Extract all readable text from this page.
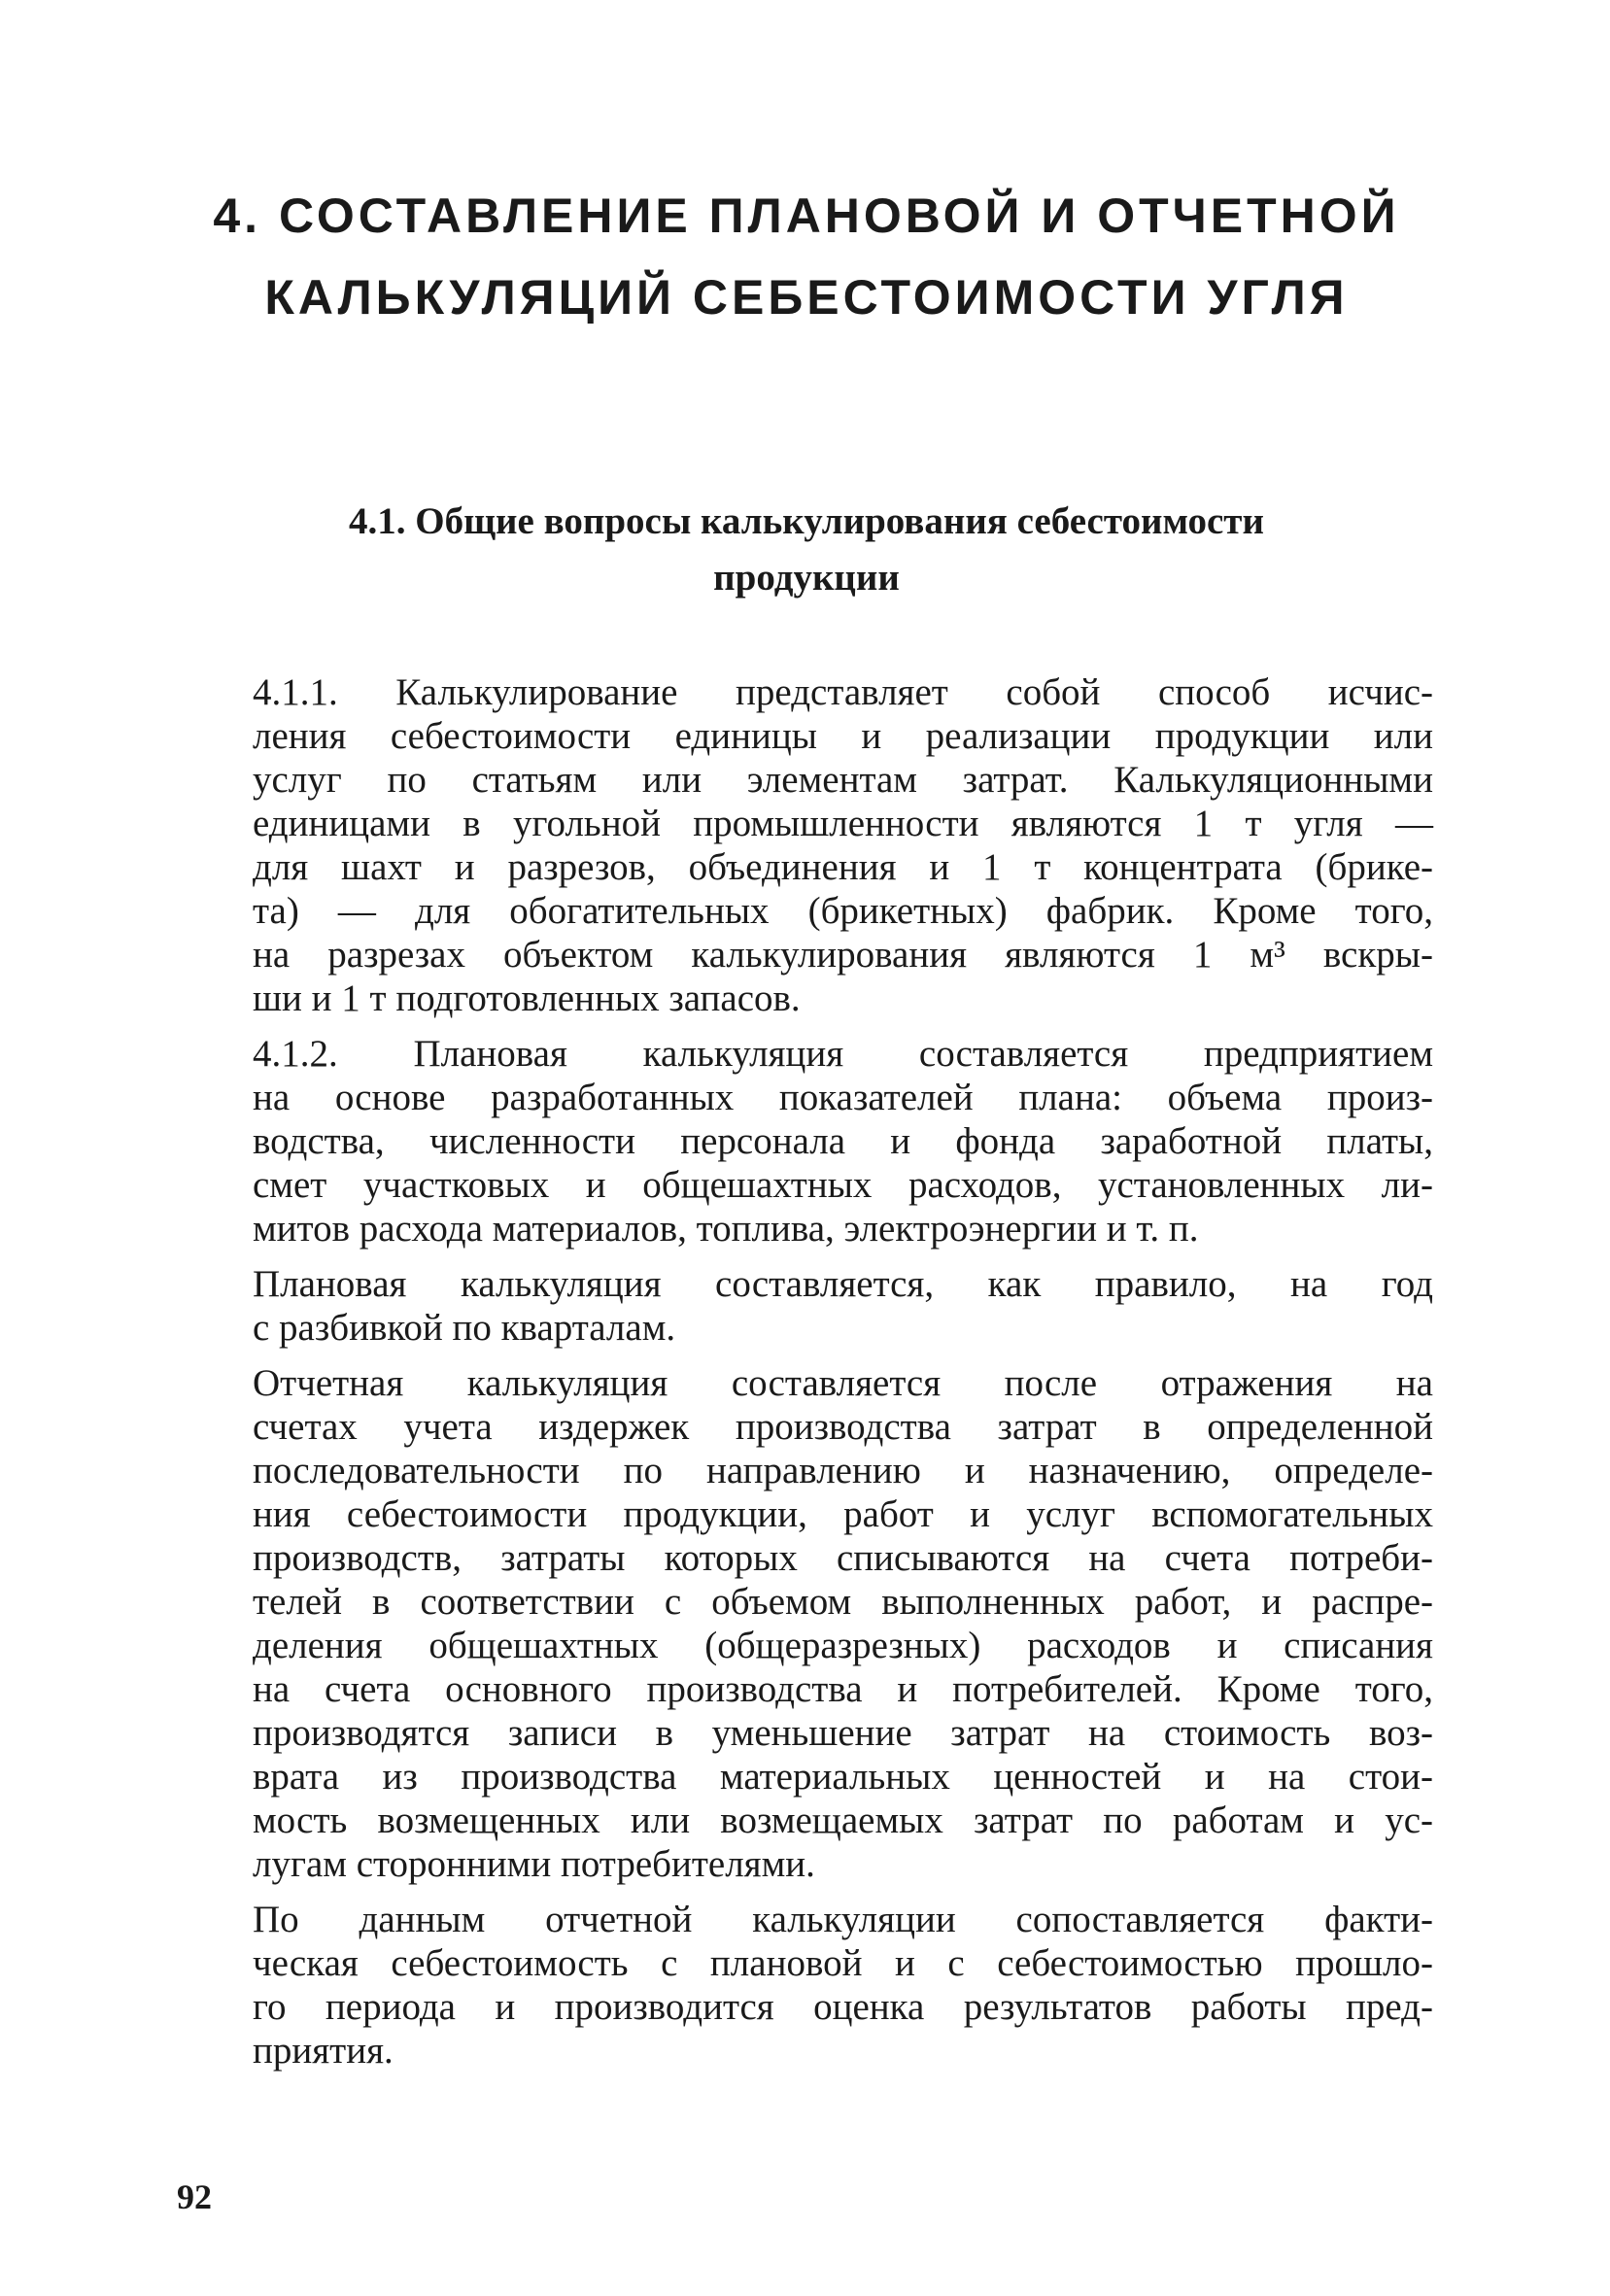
4. СОСТАВЛЕНИЕ ПЛАНОВОЙ И ОТЧЕТНОЙ
КАЛЬКУЛЯЦИЙ СЕБЕСТОИМОСТИ УГЛЯ
4.1. Общие вопросы калькулирования себестоимости
продукции

4.1.1. Калькулирование представляет собой способ исчис-
ления себестоимости единицы и реализации продукции или
услуг по статьям или элементам затрат. Калькуляционными
единицами в угольной промышленности являются 1 т угля —
для шахт и разрезов, объединения и 1 т концентрата (брике-
та) — для обогатительных (брикетных) фабрик. Кроме того,
на разрезах объектом калькулирования являются 1 м³ вскры-
ши и 1 т подготовленных запасов.

4.1.2. Плановая калькуляция составляется предприятием
на основе разработанных показателей плана: объема произ-
водства, численности персонала и фонда заработной платы,
смет участковых и общешахтных расходов, установленных ли-
митов расхода материалов, топлива, электроэнергии и т. п.

Плановая калькуляция составляется, как правило, на год
с разбивкой по кварталам.

Отчетная калькуляция составляется после отражения на
счетах учета издержек производства затрат в определенной
последовательности по направлению и назначению, определе-
ния себестоимости продукции, работ и услуг вспомогательных
производств, затраты которых списываются на счета потреби-
телей в соответствии с объемом выполненных работ, и распре-
деления общешахтных (общеразрезных) расходов и списания
на счета основного производства и потребителей. Кроме того,
производятся записи в уменьшение затрат на стоимость воз-
врата из производства материальных ценностей и на стои-
мость возмещенных или возмещаемых затрат по работам и ус-
лугам сторонними потребителями.

По данным отчетной калькуляции сопоставляется факти-
ческая себестоимость с плановой и с себестоимостью прошло-
го периода и производится оценка результатов работы пред-
приятия.

92
